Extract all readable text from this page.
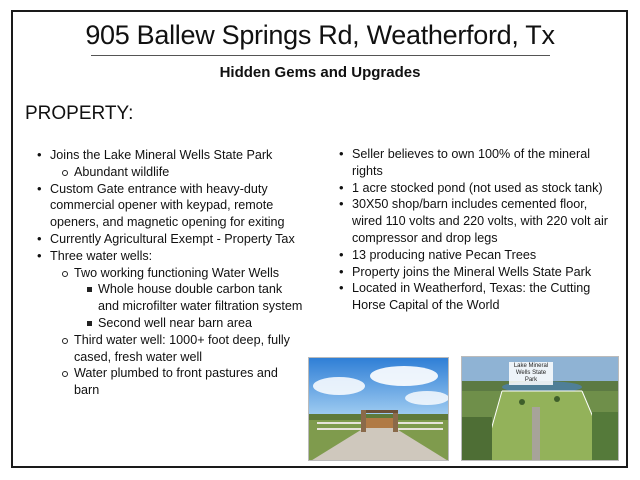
905 Ballew Springs Rd, Weatherford, Tx
Hidden Gems and Upgrades
PROPERTY:
• Joins the Lake Mineral Wells State Park
Abundant wildlife
• Custom Gate entrance with heavy-duty commercial opener with keypad, remote openers, and magnetic opening for exiting
• Currently Agricultural Exempt - Property Tax
• Three water wells:
Two working functioning Water Wells
Whole house double carbon tank and microfilter water filtration system
Second well near barn area
Third water well: 1000+ foot deep, fully cased, fresh water well
Water plumbed to front pastures and barn
• Seller believes to own 100% of the mineral rights
• 1 acre stocked pond (not used as stock tank)
• 30X50 shop/barn includes cemented floor, wired 110 volts and 220 volts, with 220 volt air compressor and drop legs
• 13 producing native Pecan Trees
• Property joins the Mineral Wells State Park
• Located in Weatherford, Texas: the Cutting Horse Capital of the World
Lake Mineral Wells State Park
